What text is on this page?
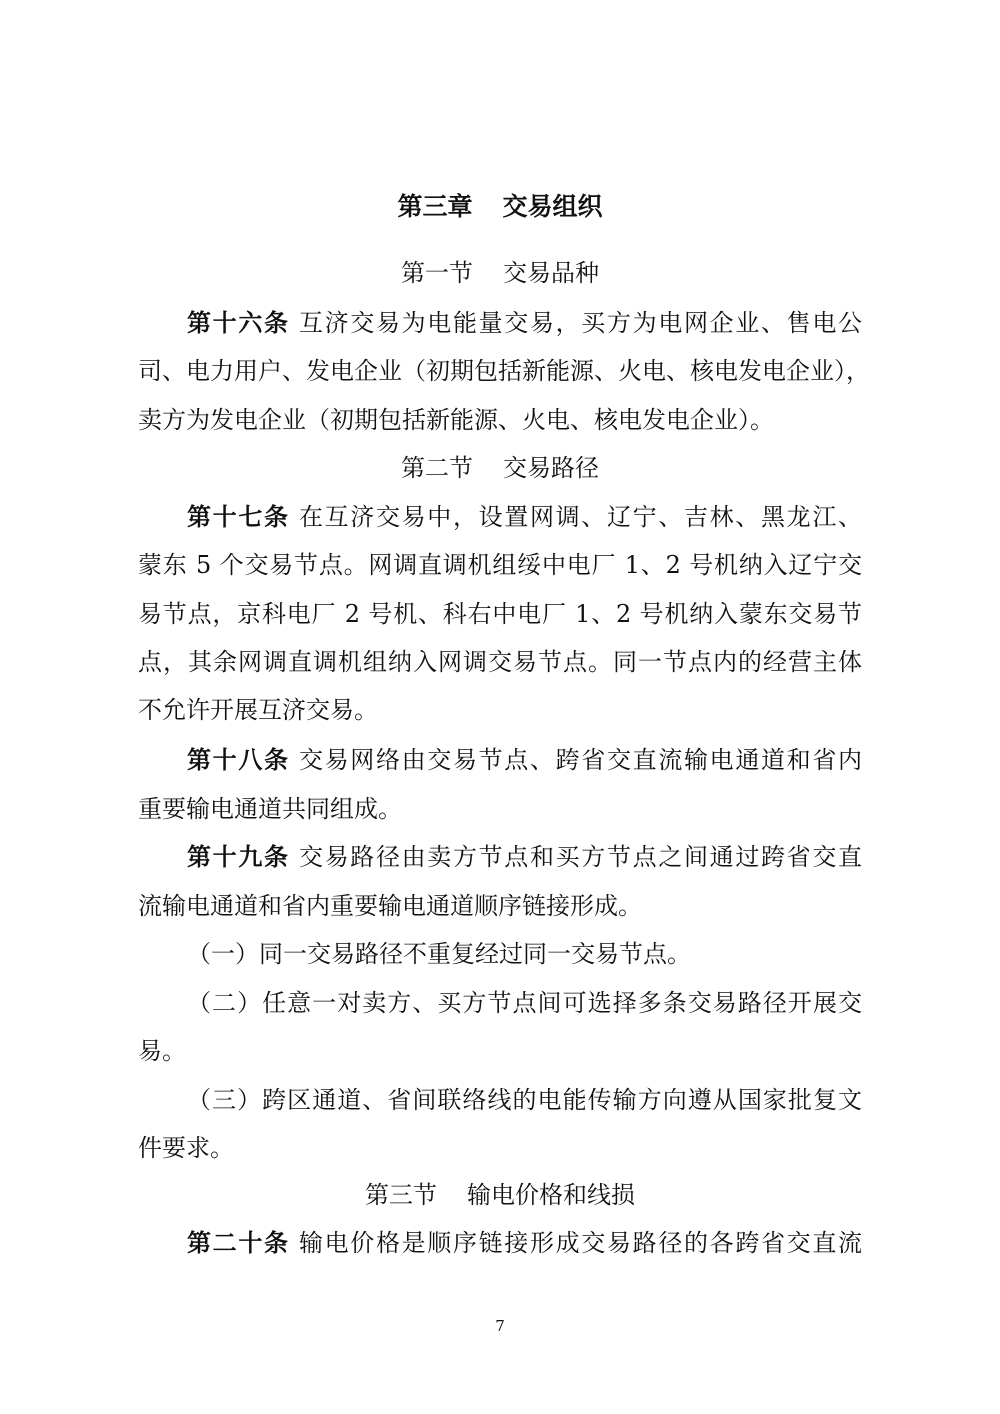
第三章 交易组织
第一节 交易品种
第十六条 互济交易为电能量交易，买方为电网企业、售电公
司、电力用户、发电企业（初期包括新能源、火电、核电发电企业），
卖方为发电企业（初期包括新能源、火电、核电发电企业）。
第二节 交易路径
第十七条 在互济交易中，设置网调、辽宁、吉林、黑龙江、
蒙东 5 个交易节点。网调直调机组绥中电厂 1、2 号机纳入辽宁交
易节点，京科电厂 2 号机、科右中电厂 1、2 号机纳入蒙东交易节
点，其余网调直调机组纳入网调交易节点。同一节点内的经营主体
不允许开展互济交易。
第十八条 交易网络由交易节点、跨省交直流输电通道和省内
重要输电通道共同组成。
第十九条 交易路径由卖方节点和买方节点之间通过跨省交直
流输电通道和省内重要输电通道顺序链接形成。
（一）同一交易路径不重复经过同一交易节点。
（二）任意一对卖方、买方节点间可选择多条交易路径开展交
易。
（三）跨区通道、省间联络线的电能传输方向遵从国家批复文
件要求。
第三节 输电价格和线损
第二十条 输电价格是顺序链接形成交易路径的各跨省交直流
7
